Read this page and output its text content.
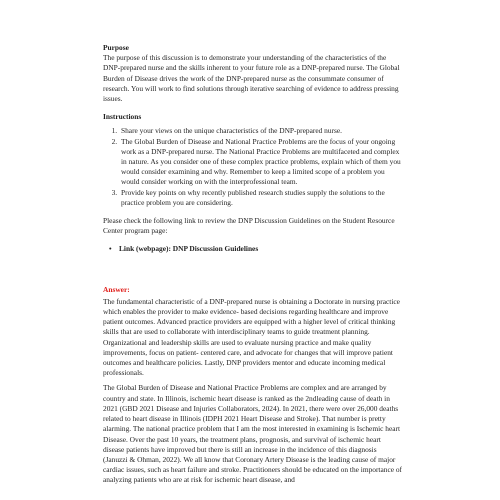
Purpose

The purpose of this discussion is to demonstrate your understanding of the characteristics of the DNP-prepared nurse and the skills inherent to your future role as a DNP-prepared nurse. The Global Burden of Disease drives the work of the DNP-prepared nurse as the consummate consumer of research. You will work to find solutions through iterative searching of evidence to address pressing issues.

Instructions

1. Share your views on the unique characteristics of the DNP-prepared nurse.
2. The Global Burden of Disease and National Practice Problems are the focus of your ongoing work as a DNP-prepared nurse. The National Practice Problems are multifaceted and complex in nature. As you consider one of these complex practice problems, explain which of them you would consider examining and why. Remember to keep a limited scope of a problem you would consider working on with the interprofessional team.
3. Provide key points on why recently published research studies supply the solutions to the practice problem you are considering.

Please check the following link to review the DNP Discussion Guidelines on the Student Resource Center program page:

• Link (webpage): DNP Discussion Guidelines

Answer:

The fundamental characteristic of a DNP-prepared nurse is obtaining a Doctorate in nursing practice which enables the provider to make evidence- based decisions regarding healthcare and improve patient outcomes. Advanced practice providers are equipped with a higher level of critical thinking skills that are used to collaborate with interdisciplinary teams to guide treatment planning. Organizational and leadership skills are used to evaluate nursing practice and make quality improvements, focus on patient- centered care, and advocate for changes that will improve patient outcomes and healthcare policies. Lastly, DNP providers mentor and educate incoming medical professionals.

The Global Burden of Disease and National Practice Problems are complex and are arranged by country and state. In Illinois, ischemic heart disease is ranked as the 2ndleading cause of death in 2021 (GBD 2021 Disease and Injuries Collaborators, 2024). In 2021, there were over 26,000 deaths related to heart disease in Illinois (IDPH 2021 Heart Disease and Stroke). That number is pretty alarming. The national practice problem that I am the most interested in examining is Ischemic heart Disease. Over the past 10 years, the treatment plans, prognosis, and survival of ischemic heart disease patients have improved but there is still an increase in the incidence of this diagnosis (Januzzi & Ohman, 2022). We all know that Coronary Artery Disease is the leading cause of major cardiac issues, such as heart failure and stroke. Practitioners should be educated on the importance of analyzing patients who are at risk for ischemic heart disease, and
